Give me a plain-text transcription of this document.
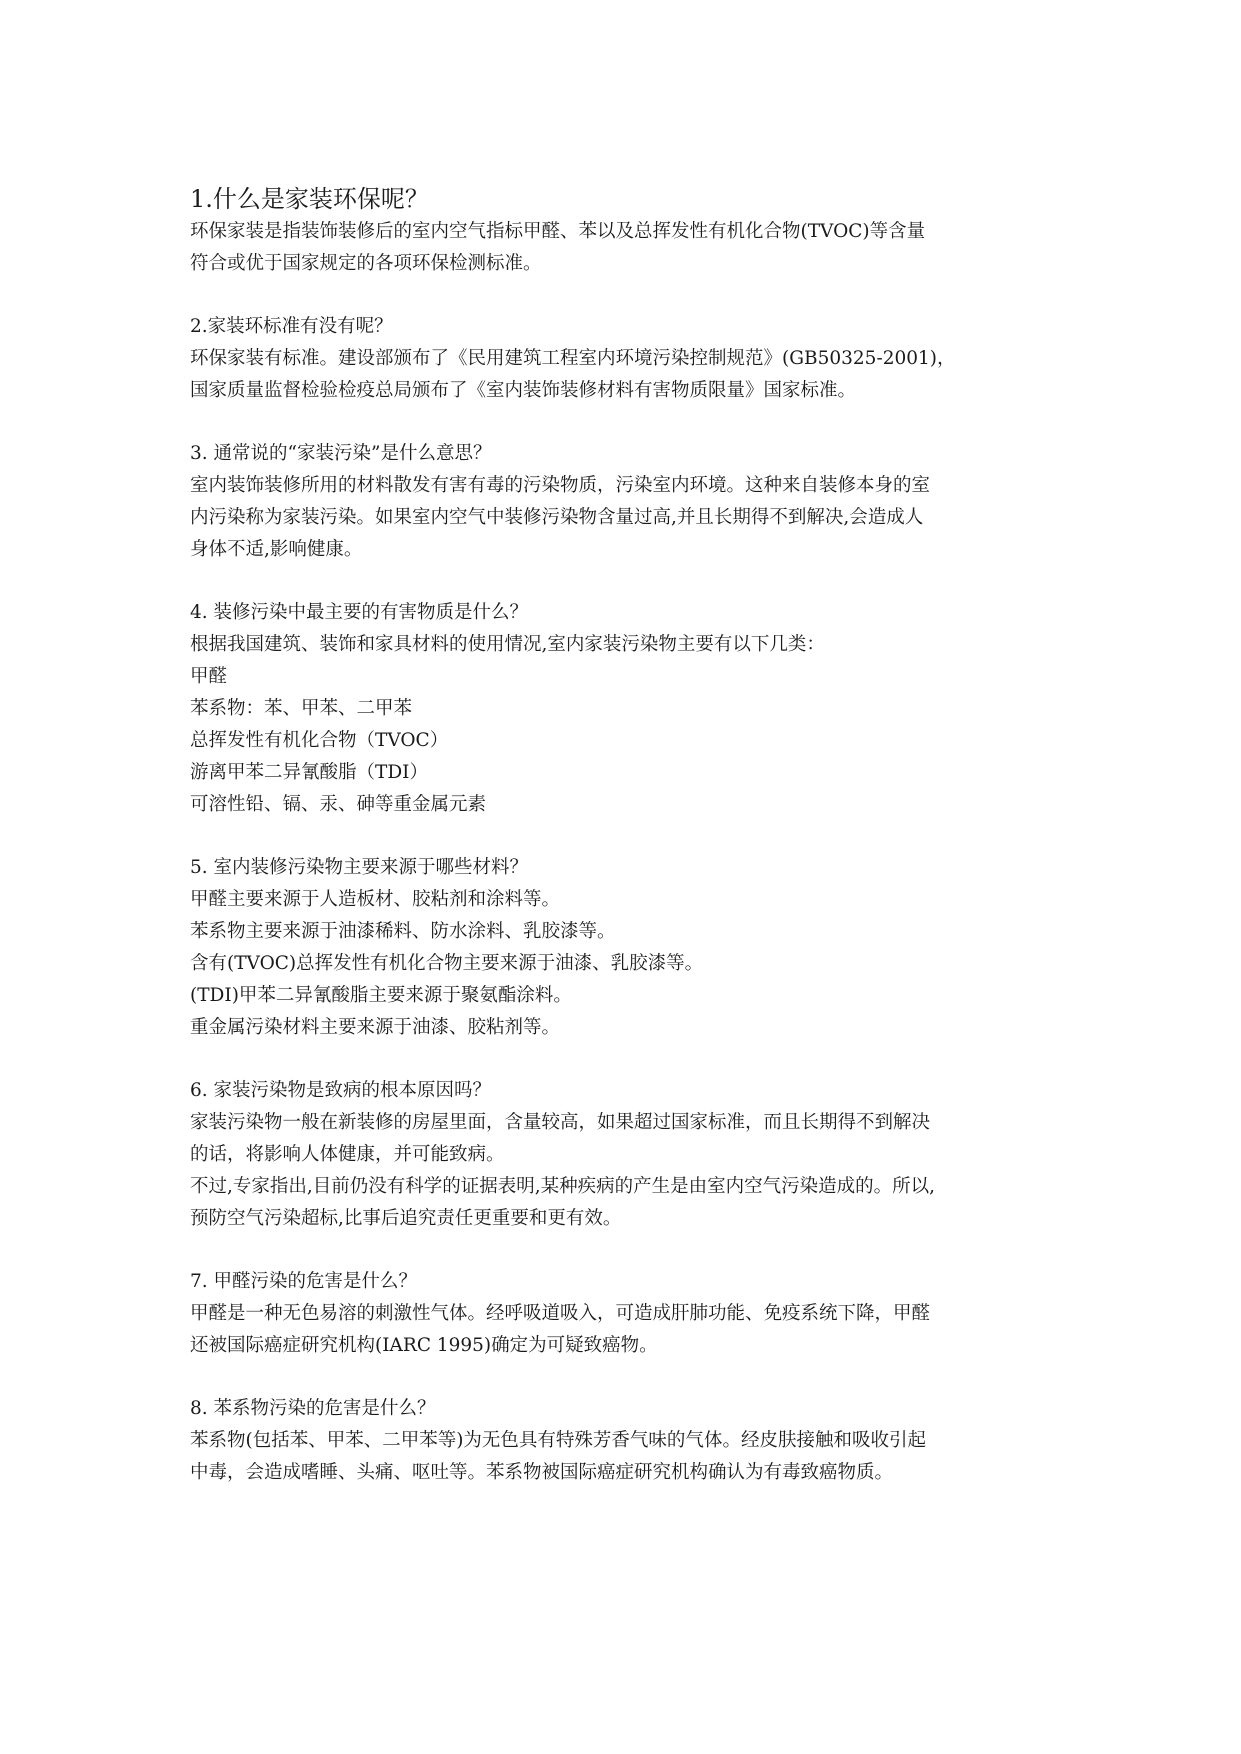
1.什么是家装环保呢？

环保家装是指装饰装修后的室内空气指标甲醛、苯以及总挥发性有机化合物(TVOC)等含量

符合或优于国家规定的各项环保检测标准。

2.家装环标准有没有呢？

环保家装有标准。建设部颁布了《民用建筑工程室内环境污染控制规范》(GB50325-2001)，

国家质量监督检验检疫总局颁布了《室内装饰装修材料有害物质限量》国家标准。

3. 通常说的“家装污染”是什么意思？

室内装饰装修所用的材料散发有害有毒的污染物质，污染室内环境。这种来自装修本身的室

内污染称为家装污染。如果室内空气中装修污染物含量过高,并且长期得不到解决,会造成人

身体不适,影响健康。

4. 装修污染中最主要的有害物质是什么？

根据我国建筑、装饰和家具材料的使用情况,室内家装污染物主要有以下几类：

甲醛

苯系物：苯、甲苯、二甲苯

总挥发性有机化合物（TVOC）

游离甲苯二异氰酸脂（TDI）

可溶性铅、镉、汞、砷等重金属元素

5. 室内装修污染物主要来源于哪些材料？

甲醛主要来源于人造板材、胶粘剂和涂料等。

苯系物主要来源于油漆稀料、防水涂料、乳胶漆等。

含有(TVOC)总挥发性有机化合物主要来源于油漆、乳胶漆等。

(TDI)甲苯二异氰酸脂主要来源于聚氨酯涂料。

重金属污染材料主要来源于油漆、胶粘剂等。

6. 家装污染物是致病的根本原因吗？

家装污染物一般在新装修的房屋里面，含量较高，如果超过国家标准，而且长期得不到解决

的话，将影响人体健康，并可能致病。

不过,专家指出,目前仍没有科学的证据表明,某种疾病的产生是由室内空气污染造成的。所以,

预防空气污染超标,比事后追究责任更重要和更有效。

7. 甲醛污染的危害是什么？

甲醛是一种无色易溶的刺激性气体。经呼吸道吸入，可造成肝肺功能、免疫系统下降，甲醛

还被国际癌症研究机构(IARC 1995)确定为可疑致癌物。

8. 苯系物污染的危害是什么？

苯系物(包括苯、甲苯、二甲苯等)为无色具有特殊芳香气味的气体。经皮肤接触和吸收引起

中毒，会造成嗜睡、头痛、呕吐等。苯系物被国际癌症研究机构确认为有毒致癌物质。
